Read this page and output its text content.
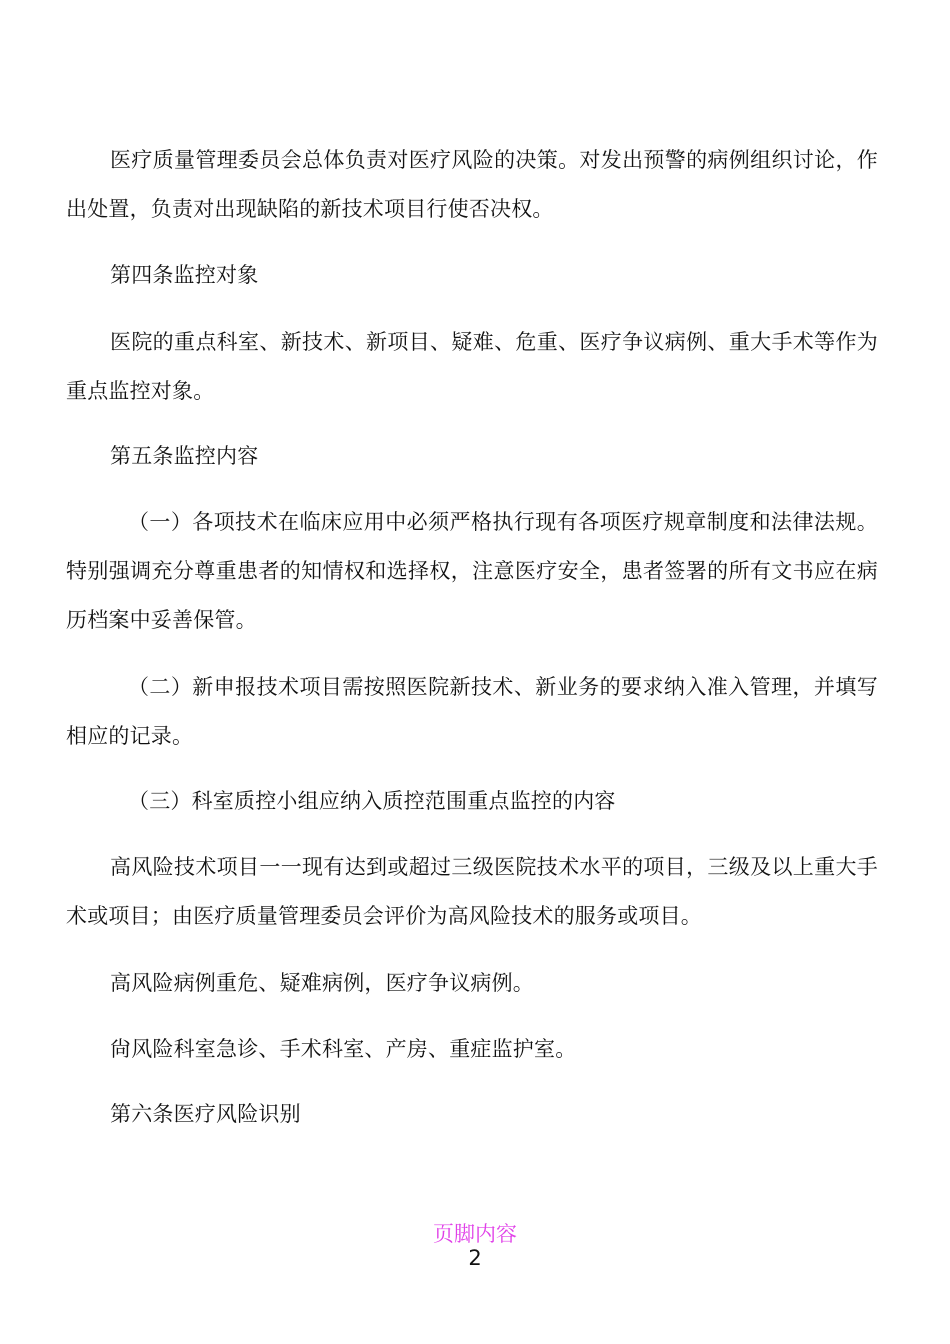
医疗质量管理委员会总体负责对医疗风险的决策。对发出预警的病例组织讨论，作出处置，负责对出现缺陷的新技术项目行使否决权。

第四条监控对象

医院的重点科室、新技术、新项目、疑难、危重、医疗争议病例、重大手术等作为重点监控对象。

第五条监控内容

（一）各项技术在临床应用中必须严格执行现有各项医疗规章制度和法律法规。特别强调充分尊重患者的知情权和选择权，注意医疗安全，患者签署的所有文书应在病历档案中妥善保管。

（二）新申报技术项目需按照医院新技术、新业务的要求纳入准入管理，并填写相应的记录。

（三）科室质控小组应纳入质控范围重点监控的内容

高风险技术项目一一现有达到或超过三级医院技术水平的项目，三级及以上重大手术或项目；由医疗质量管理委员会评价为高风险技术的服务或项目。

高风险病例重危、疑难病例，医疗争议病例。

尙风险科室急诊、手术科室、产房、重症监护室。

第六条医疗风险识别

页脚内容
2
